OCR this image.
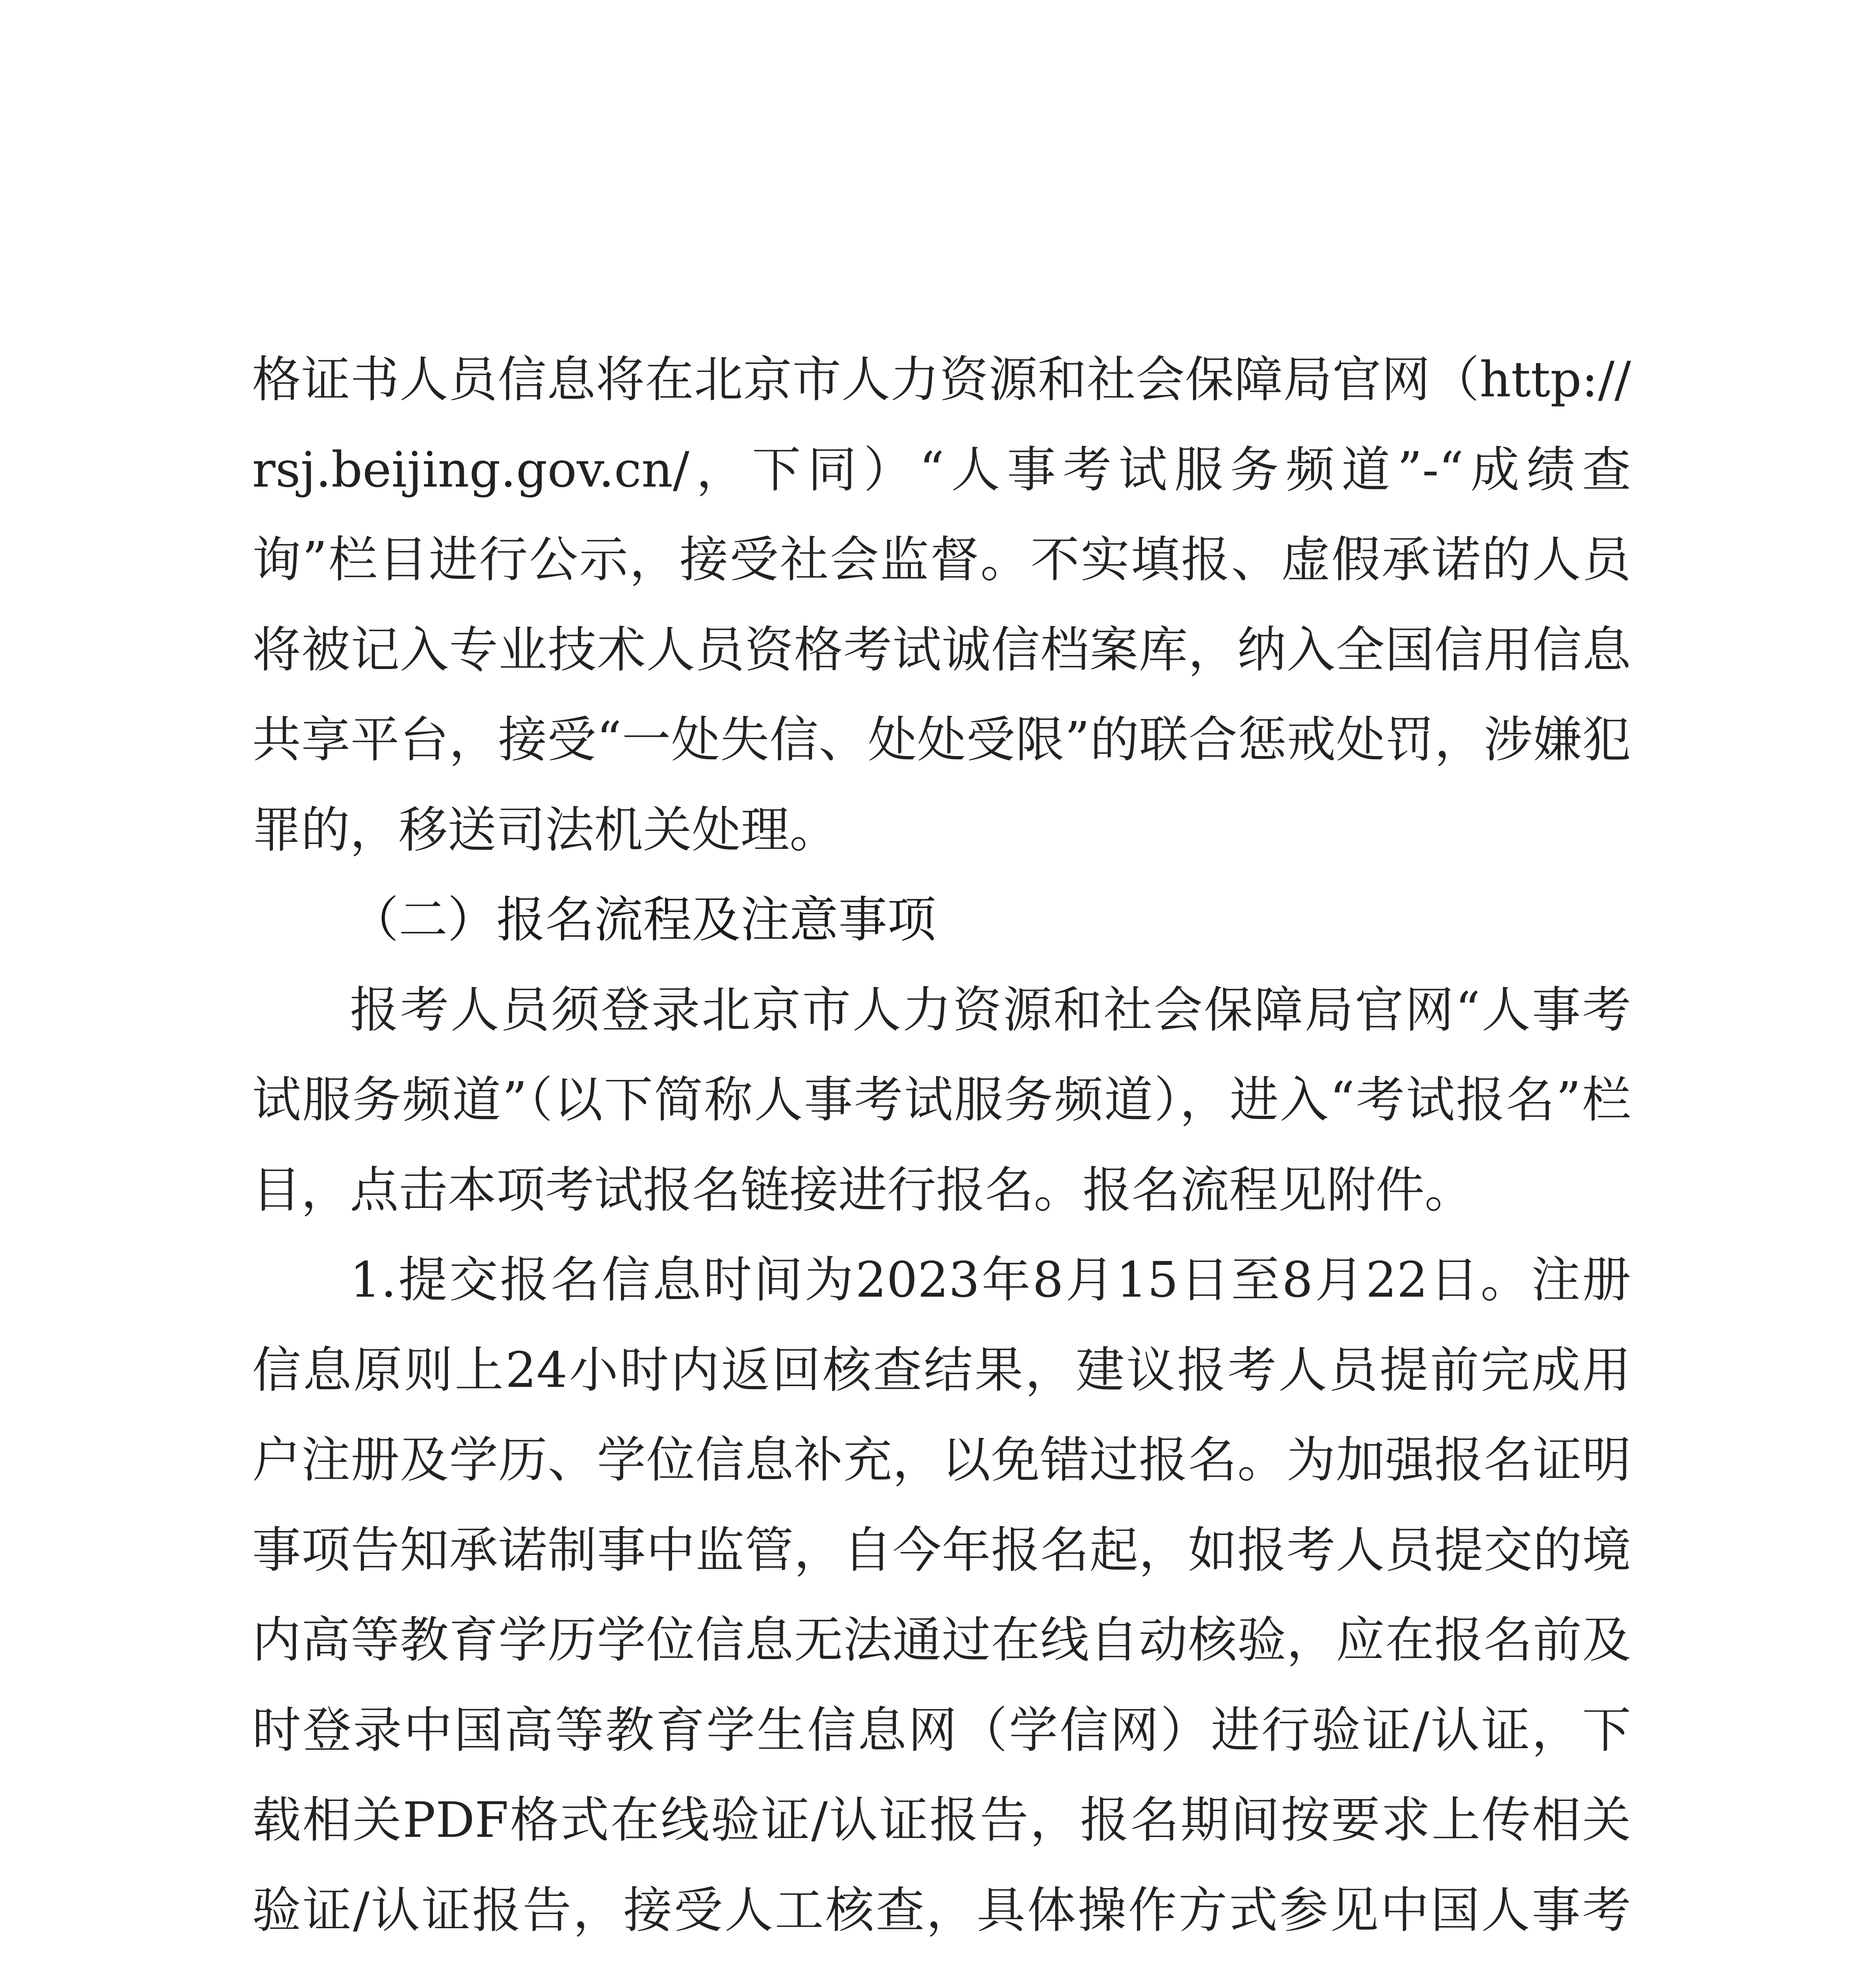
格证书人员信息将在北京市人力资源和社会保障局官网（http://rsj.beijing.gov.cn/，下同）“人事考试服务频道”-“成绩查询”栏目进行公示，接受社会监督。不实填报、虚假承诺的人员将被记入专业技术人员资格考试诚信档案库，纳入全国信用信息共享平台，接受“一处失信、处处受限”的联合惩戒处罚，涉嫌犯罪的，移送司法机关处理。

（二）报名流程及注意事项

报考人员须登录北京市人力资源和社会保障局官网“人事考试服务频道”（以下简称人事考试服务频道），进入“考试报名”栏目，点击本项考试报名链接进行报名。报名流程见附件。

1.提交报名信息时间为2023年8月15日至8月22日。注册信息原则上24小时内返回核查结果，建议报考人员提前完成用户注册及学历、学位信息补充，以免错过报名。为加强报名证明事项告知承诺制事中监管，自今年报名起，如报考人员提交的境内高等教育学历学位信息无法通过在线自动核验，应在报名前及时登录中国高等教育学生信息网（学信网）进行验证/认证，下载相关PDF格式在线验证/认证报告，报名期间按要求上传相关验证/认证报告，接受人工核查，具体操作方式参见中国人事考
